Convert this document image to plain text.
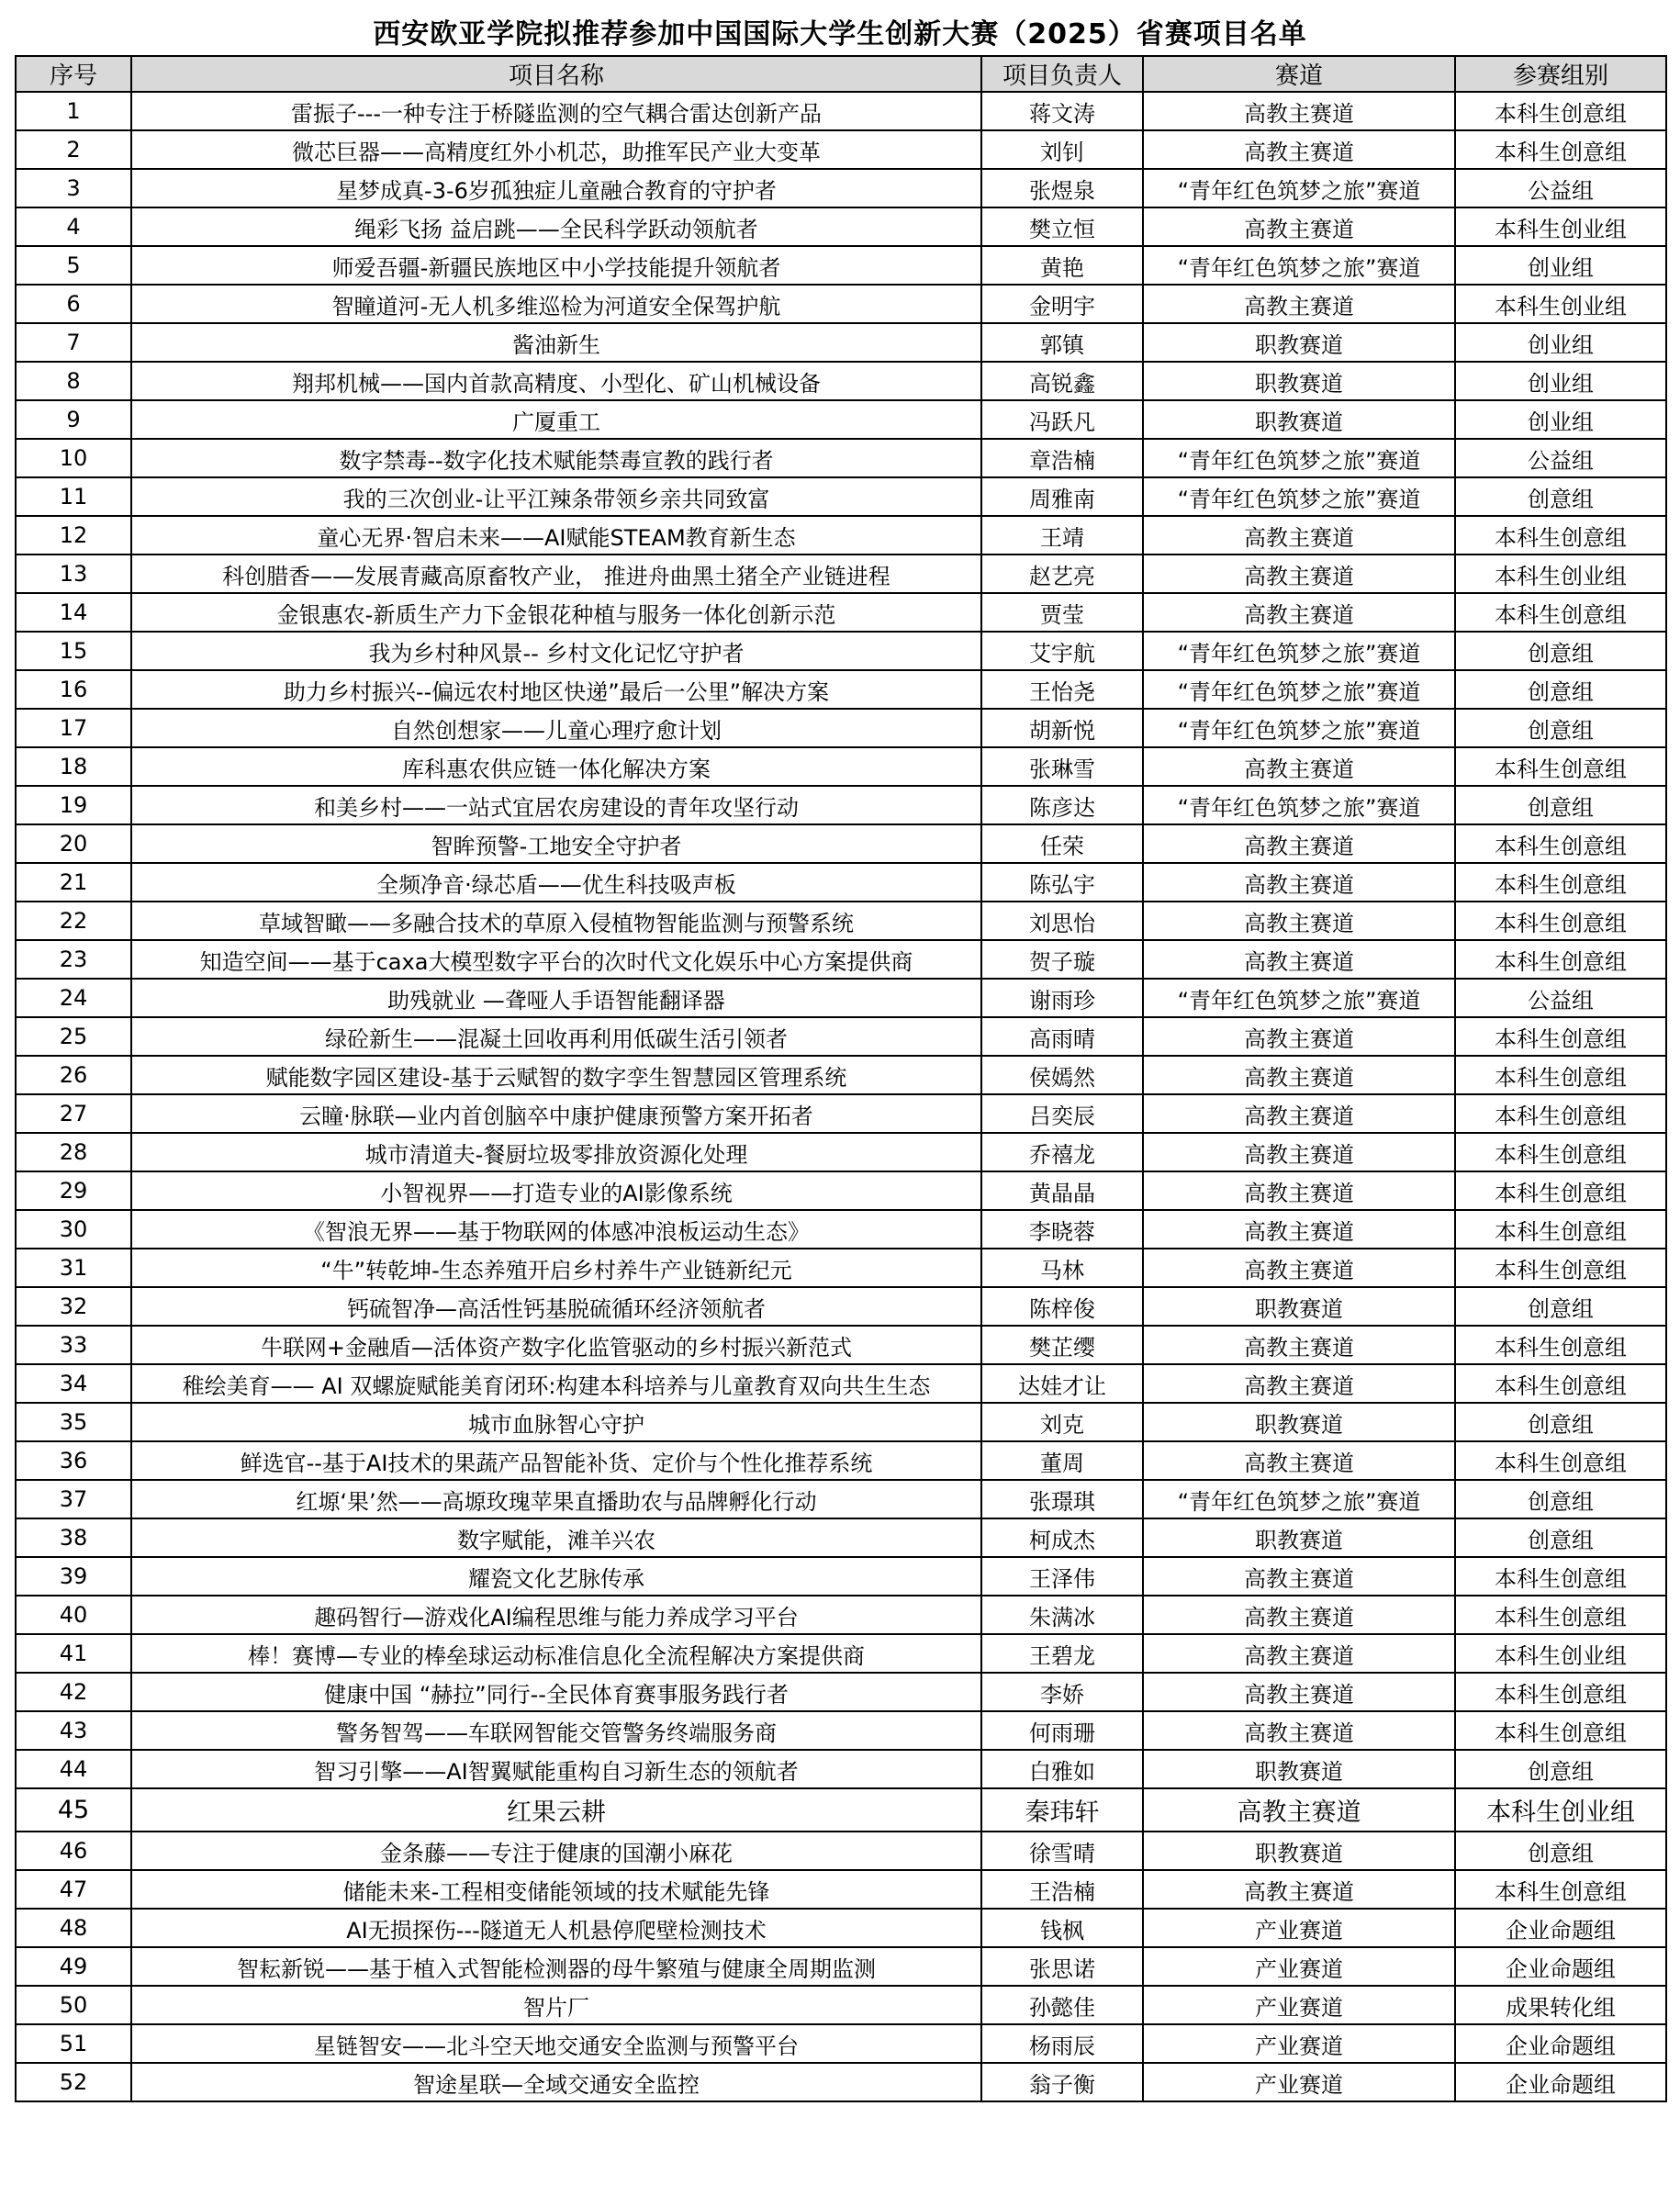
西安欧亚学院拟推荐参加中国国际大学生创新大赛（2025）省赛项目名单
序号	项目名称	项目负责人	赛道	参赛组别
1	雷振子---一种专注于桥隧监测的空气耦合雷达创新产品	蒋文涛	高教主赛道	本科生创意组
2	微芯巨器——高精度红外小机芯，助推军民产业大变革	刘钊	高教主赛道	本科生创意组
3	星梦成真-3-6岁孤独症儿童融合教育的守护者	张煜泉	“青年红色筑梦之旅”赛道	公益组
4	绳彩飞扬 益启跳——全民科学跃动领航者	樊立恒	高教主赛道	本科生创业组
5	师爱吾疆-新疆民族地区中小学技能提升领航者	黄艳	“青年红色筑梦之旅”赛道	创业组
6	智瞳道河-无人机多维巡检为河道安全保驾护航	金明宇	高教主赛道	本科生创业组
7	酱油新生	郭镇	职教赛道	创业组
8	翔邦机械——国内首款高精度、小型化、矿山机械设备	高锐鑫	职教赛道	创业组
9	广厦重工	冯跃凡	职教赛道	创业组
10	数字禁毒--数字化技术赋能禁毒宣教的践行者	章浩楠	“青年红色筑梦之旅”赛道	公益组
11	我的三次创业-让平江辣条带领乡亲共同致富	周雅南	“青年红色筑梦之旅”赛道	创意组
12	童心无界·智启未来——AI赋能STEAM教育新生态	王靖	高教主赛道	本科生创意组
13	科创腊香——发展青藏高原畜牧产业， 推进舟曲黑土猪全产业链进程	赵艺亮	高教主赛道	本科生创业组
14	金银惠农-新质生产力下金银花种植与服务一体化创新示范	贾莹	高教主赛道	本科生创意组
15	我为乡村种风景-- 乡村文化记忆守护者	艾宇航	“青年红色筑梦之旅”赛道	创意组
16	助力乡村振兴--偏远农村地区快递”最后一公里”解决方案	王怡尧	“青年红色筑梦之旅”赛道	创意组
17	自然创想家——儿童心理疗愈计划	胡新悦	“青年红色筑梦之旅”赛道	创意组
18	库科惠农供应链一体化解决方案	张琳雪	高教主赛道	本科生创意组
19	和美乡村——一站式宜居农房建设的青年攻坚行动	陈彦达	“青年红色筑梦之旅”赛道	创意组
20	智眸预警-工地安全守护者	任荣	高教主赛道	本科生创意组
21	全频净音·绿芯盾——优生科技吸声板	陈弘宇	高教主赛道	本科生创意组
22	草域智瞰——多融合技术的草原入侵植物智能监测与预警系统	刘思怡	高教主赛道	本科生创意组
23	知造空间——基于caxa大模型数字平台的次时代文化娱乐中心方案提供商	贺子璇	高教主赛道	本科生创意组
24	助残就业 —聋哑人手语智能翻译器	谢雨珍	“青年红色筑梦之旅”赛道	公益组
25	绿砼新生——混凝土回收再利用低碳生活引领者	高雨晴	高教主赛道	本科生创意组
26	赋能数字园区建设-基于云赋智的数字孪生智慧园区管理系统	侯嫣然	高教主赛道	本科生创意组
27	云瞳·脉联—业内首创脑卒中康护健康预警方案开拓者	吕奕辰	高教主赛道	本科生创意组
28	城市清道夫-餐厨垃圾零排放资源化处理	乔禧龙	高教主赛道	本科生创意组
29	小智视界——打造专业的AI影像系统	黄晶晶	高教主赛道	本科生创意组
30	《智浪无界——基于物联网的体感冲浪板运动生态》	李晓蓉	高教主赛道	本科生创意组
31	“牛”转乾坤-生态养殖开启乡村养牛产业链新纪元	马林	高教主赛道	本科生创意组
32	钙硫智净—高活性钙基脱硫循环经济领航者	陈梓俊	职教赛道	创意组
33	牛联网+金融盾—活体资产数字化监管驱动的乡村振兴新范式	樊芷缨	高教主赛道	本科生创意组
34	稚绘美育—— AI 双螺旋赋能美育闭环:构建本科培养与儿童教育双向共生生态	达娃才让	高教主赛道	本科生创意组
35	城市血脉智心守护	刘克	职教赛道	创意组
36	鲜选官--基于AI技术的果蔬产品智能补货、定价与个性化推荐系统	董周	高教主赛道	本科生创意组
37	红塬‘果’然——高塬玫瑰苹果直播助农与品牌孵化行动	张璟琪	“青年红色筑梦之旅”赛道	创意组
38	数字赋能，滩羊兴农	柯成杰	职教赛道	创意组
39	耀瓷文化艺脉传承	王泽伟	高教主赛道	本科生创意组
40	趣码智行—游戏化AI编程思维与能力养成学习平台	朱满冰	高教主赛道	本科生创意组
41	棒！赛博—专业的棒垒球运动标准信息化全流程解决方案提供商	王碧龙	高教主赛道	本科生创业组
42	健康中国 “赫拉”同行--全民体育赛事服务践行者	李娇	高教主赛道	本科生创意组
43	警务智驾——车联网智能交管警务终端服务商	何雨珊	高教主赛道	本科生创意组
44	智习引擎——AI智翼赋能重构自习新生态的领航者	白雅如	职教赛道	创意组
45	红果云耕	秦玮轩	高教主赛道	本科生创业组
46	金条藤——专注于健康的国潮小麻花	徐雪晴	职教赛道	创意组
47	储能未来-工程相变储能领域的技术赋能先锋	王浩楠	高教主赛道	本科生创意组
48	AI无损探伤---隧道无人机悬停爬壁检测技术	钱枫	产业赛道	企业命题组
49	智耘新锐——基于植入式智能检测器的母牛繁殖与健康全周期监测	张思诺	产业赛道	企业命题组
50	智片厂	孙懿佳	产业赛道	成果转化组
51	星链智安——北斗空天地交通安全监测与预警平台	杨雨辰	产业赛道	企业命题组
52	智途星联—全域交通安全监控	翁子衡	产业赛道	企业命题组
